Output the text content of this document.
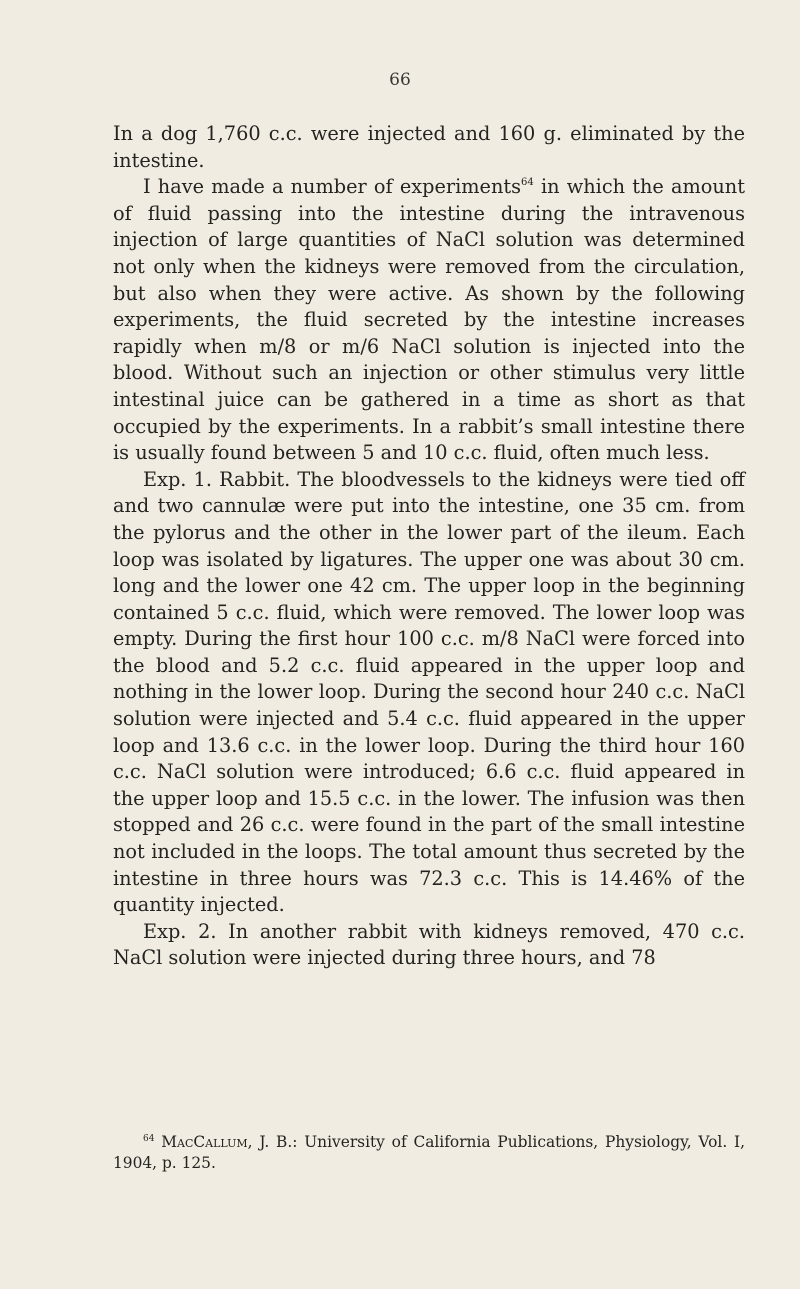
66

In a dog 1,760 c.c. were injected and 160 g. eliminated by the intestine.

I have made a number of experiments$^{64}$ in which the amount of fluid passing into the intestine during the intravenous injection of large quantities of NaCl solution was determined not only when the kidneys were removed from the circulation, but also when they were active. As shown by the following experiments, the fluid secreted by the intestine increases rapidly when m/8 or m/6 NaCl solution is injected into the blood. Without such an injection or other stimulus very little intestinal juice can be gathered in a time as short as that occupied by the experiments. In a rabbit’s small intestine there is usually found between 5 and 10 c.c. fluid, often much less.

Exp. 1. Rabbit. The bloodvessels to the kidneys were tied off and two cannulæ were put into the intestine, one 35 cm. from the pylorus and the other in the lower part of the ileum. Each loop was isolated by ligatures. The upper one was about 30 cm. long and the lower one 42 cm. The upper loop in the beginning contained 5 c.c. fluid, which were removed. The lower loop was empty. During the first hour 100 c.c. m/8 NaCl were forced into the blood and 5.2 c.c. fluid appeared in the upper loop and nothing in the lower loop. During the second hour 240 c.c. NaCl solution were injected and 5.4 c.c. fluid appeared in the upper loop and 13.6 c.c. in the lower loop. During the third hour 160 c.c. NaCl solution were introduced; 6.6 c.c. fluid appeared in the upper loop and 15.5 c.c. in the lower. The infusion was then stopped and 26 c.c. were found in the part of the small intestine not included in the loops. The total amount thus secreted by the intestine in three hours was 72.3 c.c. This is 14.46% of the quantity injected.

Exp. 2. In another rabbit with kidneys removed, 470 c.c. NaCl solution were injected during three hours, and 78

$^{64}$ MacCallum, J. B.: University of California Publications, Physiology, Vol. I, 1904, p. 125.
